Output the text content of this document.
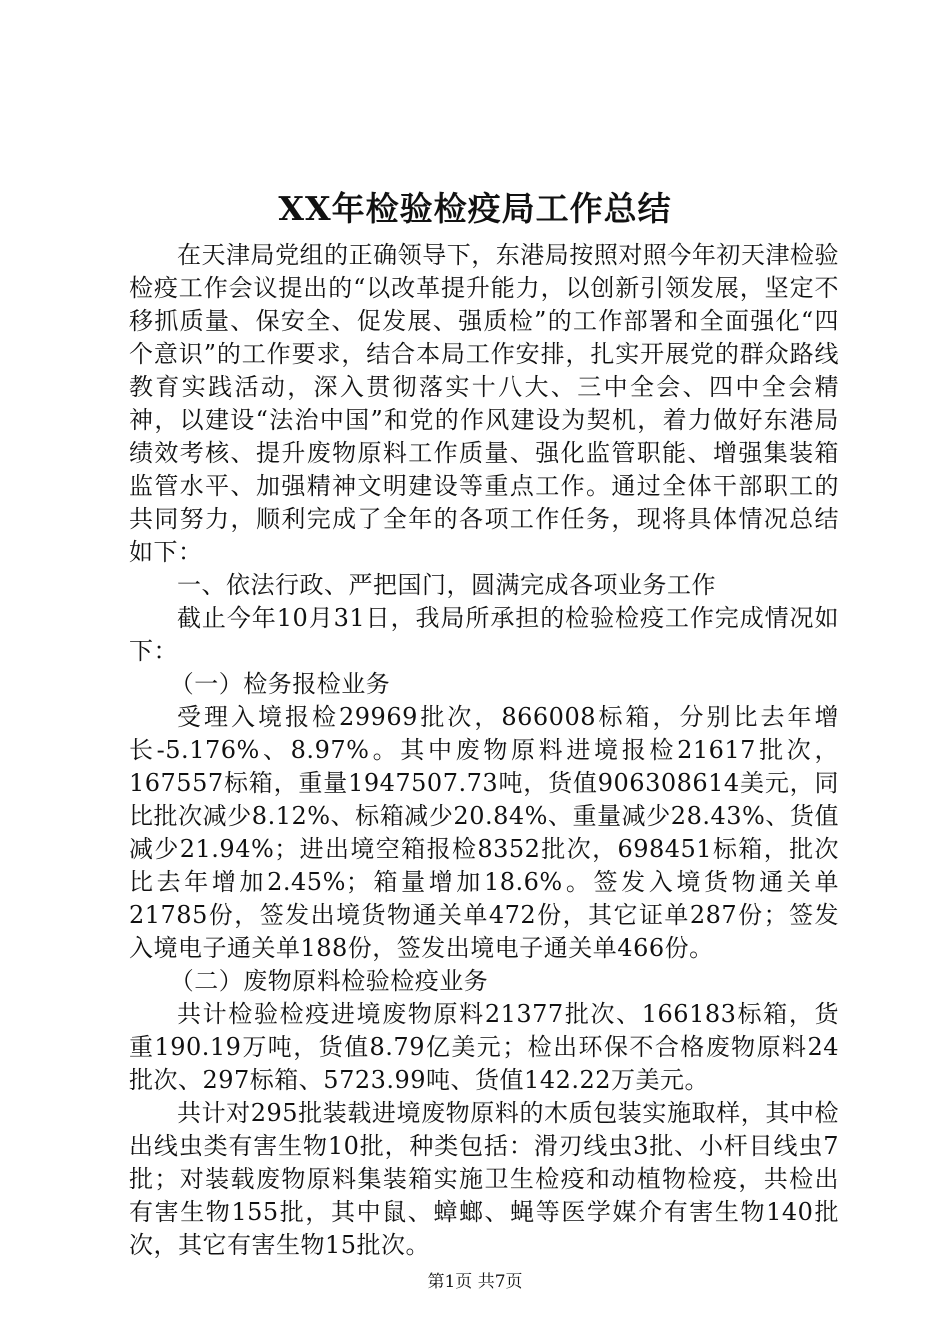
XX年检验检疫局工作总结

在天津局党组的正确领导下，东港局按照对照今年初天津检验检疫工作会议提出的“以改革提升能力，以创新引领发展，坚定不移抓质量、保安全、促发展、强质检”的工作部署和全面强化“四个意识”的工作要求，结合本局工作安排，扎实开展党的群众路线教育实践活动，深入贯彻落实十八大、三中全会、四中全会精神，以建设“法治中国”和党的作风建设为契机，着力做好东港局绩效考核、提升废物原料工作质量、强化监管职能、增强集装箱监管水平、加强精神文明建设等重点工作。通过全体干部职工的共同努力，顺利完成了全年的各项工作任务，现将具体情况总结如下：

一、依法行政、严把国门，圆满完成各项业务工作

截止今年10月31日，我局所承担的检验检疫工作完成情况如下：

（一）检务报检业务

受理入境报检29969批次，866008标箱，分别比去年增长-5.176%、8.97%。其中废物原料进境报检21617批次，167557标箱，重量1947507.73吨，货值906308614美元，同比批次减少8.12%、标箱减少20.84%、重量减少28.43%、货值减少21.94%；进出境空箱报检8352批次，698451标箱，批次比去年增加2.45%；箱量增加18.6%。签发入境货物通关单21785份，签发出境货物通关单472份，其它证单287份；签发入境电子通关单188份，签发出境电子通关单466份。

（二）废物原料检验检疫业务

共计检验检疫进境废物原料21377批次、166183标箱，货重190.19万吨，货值8.79亿美元；检出环保不合格废物原料24批次、297标箱、5723.99吨、货值142.22万美元。

共计对295批装载进境废物原料的木质包装实施取样，其中检出线虫类有害生物10批，种类包括：滑刃线虫3批、小杆目线虫7批；对装载废物原料集装箱实施卫生检疫和动植物检疫，共检出有害生物155批，其中鼠、蟑螂、蝇等医学媒介有害生物140批次，其它有害生物15批次。

第1页 共7页
